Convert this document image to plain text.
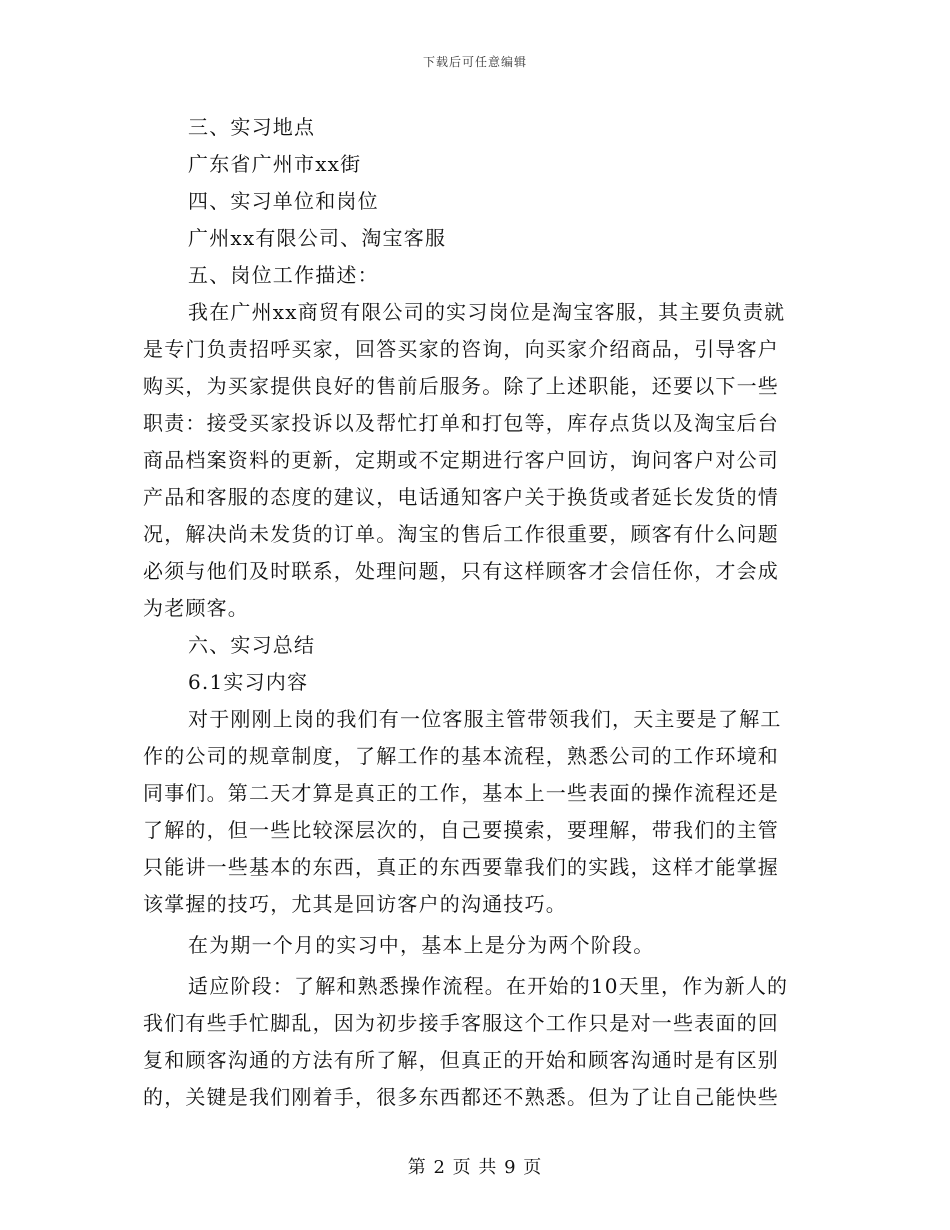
下载后可任意编辑
三、实习地点
广东省广州市xx街
四、实习单位和岗位
广州xx有限公司、淘宝客服
五、岗位工作描述：
我在广州xx商贸有限公司的实习岗位是淘宝客服，其主要负责就
是专门负责招呼买家，回答买家的咨询，向买家介绍商品，引导客户
购买，为买家提供良好的售前后服务。除了上述职能，还要以下一些
职责：接受买家投诉以及帮忙打单和打包等，库存点货以及淘宝后台
商品档案资料的更新，定期或不定期进行客户回访，询问客户对公司
产品和客服的态度的建议，电话通知客户关于换货或者延长发货的情
况，解决尚未发货的订单。淘宝的售后工作很重要，顾客有什么问题
必须与他们及时联系，处理问题，只有这样顾客才会信任你，才会成
为老顾客。
六、实习总结
6.1实习内容
对于刚刚上岗的我们有一位客服主管带领我们，天主要是了解工
作的公司的规章制度，了解工作的基本流程，熟悉公司的工作环境和
同事们。第二天才算是真正的工作，基本上一些表面的操作流程还是
了解的，但一些比较深层次的，自己要摸索，要理解，带我们的主管
只能讲一些基本的东西，真正的东西要靠我们的实践，这样才能掌握
该掌握的技巧，尤其是回访客户的沟通技巧。
在为期一个月的实习中，基本上是分为两个阶段。
适应阶段：了解和熟悉操作流程。在开始的10天里，作为新人的
我们有些手忙脚乱，因为初步接手客服这个工作只是对一些表面的回
复和顾客沟通的方法有所了解，但真正的开始和顾客沟通时是有区别
的，关键是我们刚着手，很多东西都还不熟悉。但为了让自己能快些
第 2 页 共 9 页
